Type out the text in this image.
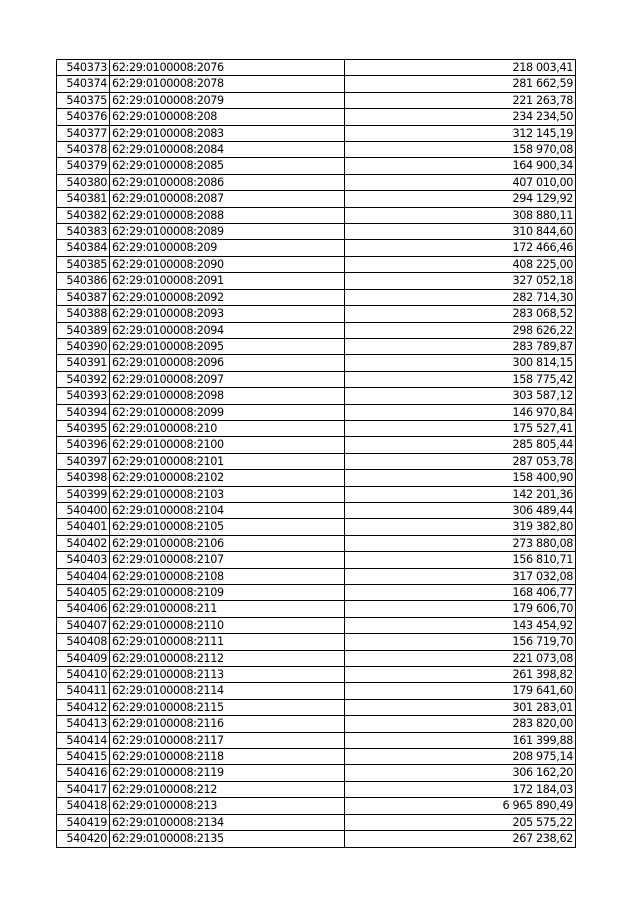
540373	62:29:0100008:2076	218 003,41
540374	62:29:0100008:2078	281 662,59
540375	62:29:0100008:2079	221 263,78
540376	62:29:0100008:208	234 234,50
540377	62:29:0100008:2083	312 145,19
540378	62:29:0100008:2084	158 970,08
540379	62:29:0100008:2085	164 900,34
540380	62:29:0100008:2086	407 010,00
540381	62:29:0100008:2087	294 129,92
540382	62:29:0100008:2088	308 880,11
540383	62:29:0100008:2089	310 844,60
540384	62:29:0100008:209	172 466,46
540385	62:29:0100008:2090	408 225,00
540386	62:29:0100008:2091	327 052,18
540387	62:29:0100008:2092	282 714,30
540388	62:29:0100008:2093	283 068,52
540389	62:29:0100008:2094	298 626,22
540390	62:29:0100008:2095	283 789,87
540391	62:29:0100008:2096	300 814,15
540392	62:29:0100008:2097	158 775,42
540393	62:29:0100008:2098	303 587,12
540394	62:29:0100008:2099	146 970,84
540395	62:29:0100008:210	175 527,41
540396	62:29:0100008:2100	285 805,44
540397	62:29:0100008:2101	287 053,78
540398	62:29:0100008:2102	158 400,90
540399	62:29:0100008:2103	142 201,36
540400	62:29:0100008:2104	306 489,44
540401	62:29:0100008:2105	319 382,80
540402	62:29:0100008:2106	273 880,08
540403	62:29:0100008:2107	156 810,71
540404	62:29:0100008:2108	317 032,08
540405	62:29:0100008:2109	168 406,77
540406	62:29:0100008:211	179 606,70
540407	62:29:0100008:2110	143 454,92
540408	62:29:0100008:2111	156 719,70
540409	62:29:0100008:2112	221 073,08
540410	62:29:0100008:2113	261 398,82
540411	62:29:0100008:2114	179 641,60
540412	62:29:0100008:2115	301 283,01
540413	62:29:0100008:2116	283 820,00
540414	62:29:0100008:2117	161 399,88
540415	62:29:0100008:2118	208 975,14
540416	62:29:0100008:2119	306 162,20
540417	62:29:0100008:212	172 184,03
540418	62:29:0100008:213	6 965 890,49
540419	62:29:0100008:2134	205 575,22
540420	62:29:0100008:2135	267 238,62
